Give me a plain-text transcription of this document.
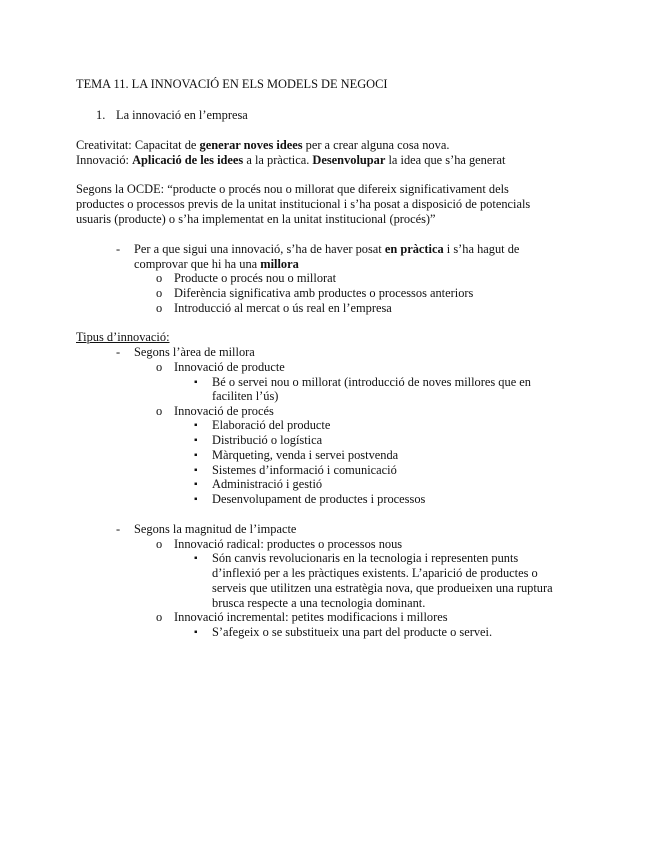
TEMA 11. LA INNOVACIÓ EN ELS MODELS DE NEGOCI
1. La innovació en l’empresa
Creativitat: Capacitat de generar noves idees per a crear alguna cosa nova.
Innovació: Aplicació de les idees a la pràctica. Desenvolupar la idea que s’ha generat
Segons la OCDE: “producte o procés nou o millorat que difereix significativament dels
productes o processos previs de la unitat institucional i s’ha posat a disposició de potencials
usuaris (producte) o s’ha implementat en la unitat institucional (procés)”
- Per a que sigui una innovació, s’ha de haver posat en pràctica i s’ha hagut de
comprovar que hi ha una millora
o Producte o procés nou o millorat
o Diferència significativa amb productes o processos anteriors
o Introducció al mercat o ús real en l’empresa
Tipus d’innovació:
- Segons l’àrea de millora
o Innovació de producte
▪ Bé o servei nou o millorat (introducció de noves millores que en
faciliten l’ús)
o Innovació de procés
▪ Elaboració del producte
▪ Distribució o logística
▪ Màrqueting, venda i servei postvenda
▪ Sistemes d’informació i comunicació
▪ Administració i gestió
▪ Desenvolupament de productes i processos
- Segons la magnitud de l’impacte
o Innovació radical: productes o processos nous
▪ Són canvis revolucionaris en la tecnologia i representen punts
d’inflexió per a les pràctiques existents. L’aparició de productes o
serveis que utilitzen una estratègia nova, que produeixen una ruptura
brusca respecte a una tecnologia dominant.
o Innovació incremental: petites modificacions i millores
▪ S’afegeix o se substitueix una part del producte o servei.
